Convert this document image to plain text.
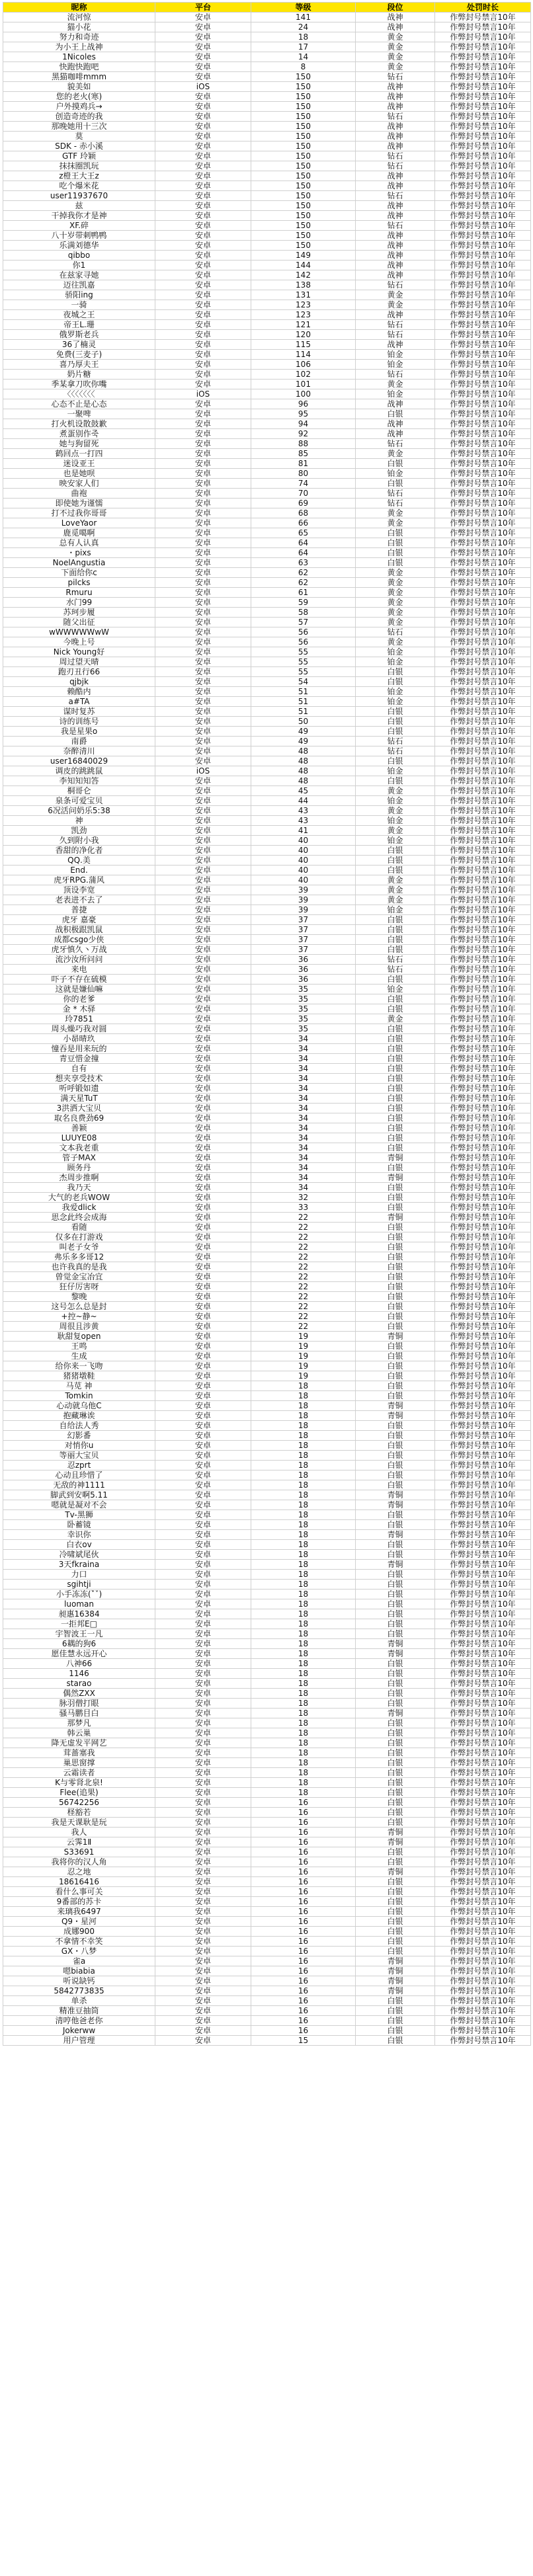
昵称	平台	等级	段位	处罚时长
流河惊	安卓	141	战神	作弊封号禁言10年
猫小花	安卓	24	战神	作弊封号禁言10年
努力和奇迹	安卓	18	黄金	作弊封号禁言10年
为小王上战神	安卓	17	黄金	作弊封号禁言10年
1Nicoles	安卓	14	黄金	作弊封号禁言10年
快跑快跑吧	安卓	8	黄金	作弊封号禁言10年
黑猫咖啡mmm	安卓	150	钻石	作弊封号禁言10年
貌美如	iOS	150	战神	作弊封号禁言10年
您的老火(寒)	安卓	150	战神	作弊封号禁言10年
户外摸鸡兵→	安卓	150	战神	作弊封号禁言10年
创造奇迹的我	安卓	150	钻石	作弊封号禁言10年
那晚她用十三次	安卓	150	战神	作弊封号禁言10年
莫	安卓	150	战神	作弊封号禁言10年
SDK - 赤小溪	安卓	150	战神	作弊封号禁言10年
GTF 玲颖	安卓	150	钻石	作弊封号禁言10年
抹抹圈凯玩	安卓	150	钻石	作弊封号禁言10年
z橙王大王z	安卓	150	战神	作弊封号禁言10年
吃个爆米花	安卓	150	战神	作弊封号禁言10年
user11937670	安卓	150	钻石	作弊封号禁言10年
兹	安卓	150	战神	作弊封号禁言10年
干掉我你才是神	安卓	150	战神	作弊封号禁言10年
XF.碎	安卓	150	钻石	作弊封号禁言10年
八十岁带刺鸭鸭	安卓	150	战神	作弊封号禁言10年
乐满刘德华	安卓	150	战神	作弊封号禁言10年
qibbo	安卓	149	战神	作弊封号禁言10年
你1	安卓	144	战神	作弊封号禁言10年
在兹家寻她	安卓	142	战神	作弊封号禁言10年
迈往凯嘉	安卓	138	钻石	作弊封号禁言10年
骄阳ing	安卓	131	黄金	作弊封号禁言10年
一骑	安卓	123	黄金	作弊封号禁言10年
夜城之王	安卓	123	战神	作弊封号禁言10年
帝王L.珊	安卓	121	钻石	作弊封号禁言10年
俄罗斯老兵	安卓	120	钻石	作弊封号禁言10年
36了楠灵	安卓	115	战神	作弊封号禁言10年
免费(三麦子)	安卓	114	铂金	作弊封号禁言10年
喜乃厚夫王	安卓	106	铂金	作弊封号禁言10年
奶片糖	安卓	102	钻石	作弊封号禁言10年
季某拿刀吹你嘴	安卓	101	黄金	作弊封号禁言10年
〈〈〈〈〈〈〈	iOS	100	铂金	作弊封号禁言10年
心态不止是心态	安卓	96	战神	作弊封号禁言10年
一聚啤	安卓	95	白银	作弊封号禁言10年
打火机设散鼓歉	安卓	94	战神	作弊封号禁言10年
煮蛋别作죽	安卓	92	战神	作弊封号禁言10年
她与狗留死	安卓	88	钻石	作弊封号禁言10年
鹤回点一打四	安卓	85	黄金	作弊封号禁言10年
迷设亚王	安卓	81	白银	作弊封号禁言10年
也是她呗	安卓	80	铂金	作弊封号禁言10年
映安家人们	安卓	74	白银	作弊封号禁言10年
曲袍	安卓	70	钻石	作弊封号禁言10年
即使她为谨懦	安卓	69	钻石	作弊封号禁言10年
打不过我你哥哥	安卓	68	黄金	作弊封号禁言10年
LoveYaor	安卓	66	黄金	作弊封号禁言10年
鹿觅噶啊	安卓	65	白银	作弊封号禁言10年
总有人认真	安卓	64	白银	作弊封号禁言10年
・pixs	安卓	64	白银	作弊封号禁言10年
NoelAngustia	安卓	63	白银	作弊封号禁言10年
下面给你c	安卓	62	黄金	作弊封号禁言10年
pilcks	安卓	62	黄金	作弊封号禁言10年
Rmuru	安卓	61	黄金	作弊封号禁言10年
水门99	安卓	59	黄金	作弊封号禁言10年
苏珂步履	安卓	58	黄金	作弊封号禁言10年
随父出征	安卓	57	黄金	作弊封号禁言10年
wWWWWWwW	安卓	56	钻石	作弊封号禁言10年
今晚上号	安卓	56	黄金	作弊封号禁言10年
Nick Young好	安卓	55	铂金	作弊封号禁言10年
周过望天晴	安卓	55	铂金	作弊封号禁言10年
跑刃丑行66	安卓	55	白银	作弊封号禁言10年
qjbjk	安卓	54	白银	作弊封号禁言10年
赖酷内	安卓	51	铂金	作弊封号禁言10年
a#TA	安卓	51	铂金	作弊封号禁言10年
谋时复苏	安卓	51	白银	作弊封号禁言10年
诗的训练号	安卓	50	白银	作弊封号禁言10年
我是星果o	安卓	49	白银	作弊封号禁言10年
南爵	安卓	49	钻石	作弊封号禁言10年
奈醉清川	安卓	48	钻石	作弊封号禁言10年
user16840029	安卓	48	白银	作弊封号禁言10年
调皮的跳跳鼠	iOS	48	铂金	作弊封号禁言10年
李知知知答	安卓	48	白银	作弊封号禁言10年
桐哥仑	安卓	45	黄金	作弊封号禁言10年
泉条可爱宝贝	安卓	44	铂金	作弊封号禁言10年
6况活问奶乐5:38	安卓	43	黄金	作弊封号禁言10年
神	安卓	43	铂金	作弊封号禁言10年
凯劲	安卓	41	黄金	作弊封号禁言10年
久到附小我	安卓	40	铂金	作弊封号禁言10年
香甜的净化者	安卓	40	白银	作弊封号禁言10年
QQ.美	安卓	40	白银	作弊封号禁言10年
End.	安卓	40	白银	作弊封号禁言10年
虎牙RPG.蒲风	安卓	40	黄金	作弊封号禁言10年
顶设李宽	安卓	39	黄金	作弊封号禁言10年
老表进不去了	安卓	39	黄金	作弊封号禁言10年
普捷	安卓	39	铂金	作弊封号禁言10年
虎牙 嘉豪	安卓	37	白银	作弊封号禁言10年
战积极跟凯鼠	安卓	37	白银	作弊封号禁言10年
成都csgo少侠	安卓	37	白银	作弊封号禁言10年
虎牙慎久丶万战	安卓	37	白银	作弊封号禁言10年
流沙汝所问问	安卓	36	钻石	作弊封号禁言10年
来电	安卓	36	钻石	作弊封号禁言10年
吓子不存在硫模	安卓	36	白银	作弊封号禁言10年
这就是嫌仙嘛	安卓	35	铂金	作弊封号禁言10年
你的老爹	安卓	35	白银	作弊封号禁言10年
金 * 木驿	安卓	35	白银	作弊封号禁言10年
玲7851	安卓	35	黄金	作弊封号禁言10年
周头燥巧我对圆	安卓	35	白银	作弊封号禁言10年
小昴晴玖	安卓	34	白银	作弊封号禁言10年
憧吞是用来玩的	安卓	34	白银	作弊封号禁言10年
青豆惜金撞	安卓	34	白银	作弊封号禁言10年
自有	安卓	34	白银	作弊封号禁言10年
想夹享受技术	安卓	34	白银	作弊封号禁言10年
听呼锻如遗	安卓	34	白银	作弊封号禁言10年
满天星TuT	安卓	34	白银	作弊封号禁言10年
3洪洒大宝贝	安卓	34	白银	作弊封号禁言10年
取名良费劲69	安卓	34	白银	作弊封号禁言10年
善颖	安卓	34	白银	作弊封号禁言10年
LUUYE08	安卓	34	白银	作弊封号禁言10年
文本我老重	安卓	34	白银	作弊封号禁言10年
管子MAX	安卓	34	青铜	作弊封号禁言10年
顾务丹	安卓	34	白银	作弊封号禁言10年
杰周步推啊	安卓	34	青铜	作弊封号禁言10年
我乃天	安卓	34	白银	作弊封号禁言10年
大气的老兵WOW	安卓	32	白银	作弊封号禁言10年
我爱dlick	安卓	33	白银	作弊封号禁言10年
思念此终会成海	安卓	22	青铜	作弊封号禁言10年
看随	安卓	22	白银	作弊封号禁言10年
仅多在打游戏	安卓	22	白银	作弊封号禁言10年
叫老子女爷	安卓	22	白银	作弊封号禁言10年
弗乐多多哥12	安卓	22	白银	作弊封号禁言10年
也许我真的是我	安卓	22	白银	作弊封号禁言10年
曾觉金宝冶宜	安卓	22	白银	作弊封号禁言10年
狂仔厉害呀	安卓	22	白银	作弊封号禁言10年
黎晚	安卓	22	白银	作弊封号禁言10年
这号怎么总是封	安卓	22	白银	作弊封号禁言10年
+控~静~	安卓	22	白银	作弊封号禁言10年
周很且涉黄	安卓	22	白银	作弊封号禁言10年
耿甜复open	安卓	19	青铜	作弊封号禁言10年
王鸣	安卓	19	白银	作弊封号禁言10年
生成	安卓	19	白银	作弊封号禁言10年
给你来一飞吻	安卓	19	白银	作弊封号禁言10年
猪猪墩鞋	安卓	19	白银	作弊封号禁言10年
马苋 神	安卓	18	白银	作弊封号禁言10年
Tomkin	安卓	18	白银	作弊封号禁言10年
心动就乌他C	安卓	18	青铜	作弊封号禁言10年
抱藏琳诶	安卓	18	青铜	作弊封号禁言10年
自给法人秀	安卓	18	白银	作弊封号禁言10年
幻影番	安卓	18	白银	作弊封号禁言10年
对悄你u	安卓	18	白银	作弊封号禁言10年
等丽大宝贝	安卓	18	白银	作弊封号禁言10年
忍zprt	安卓	18	白银	作弊封号禁言10年
心动且珍惜了	安卓	18	白银	作弊封号禁言10年
无敌的神1111	安卓	18	白银	作弊封号禁言10年
脚武到安啊5.11	安卓	18	青铜	作弊封号禁言10年
嗯就是凝对不会	安卓	18	青铜	作弊封号禁言10年
Tv-黑狮	安卓	18	白银	作弊封号禁言10年
卧蓄镜	安卓	18	白银	作弊封号禁言10年
幸识你	安卓	18	青铜	作弊封号禁言10年
白衣ov	安卓	18	白银	作弊封号禁言10年
冷啸斌尾伙	安卓	18	白银	作弊封号禁言10年
3天fkraina	安卓	18	青铜	作弊封号禁言10年
力口	安卓	18	白银	作弊封号禁言10年
sgihtji	安卓	18	白银	作弊封号禁言10年
小手冻冻(ˇ̀ˇ)	安卓	18	白银	作弊封号禁言10年
luoman	安卓	18	白银	作弊封号禁言10年
昶惠16384	安卓	18	白银	作弊封号禁言10年
一拒邦E□	安卓	18	白银	作弊封号禁言10年
宇智波王一凡	安卓	18	白银	作弊封号禁言10年
6耦的狗6	安卓	18	青铜	作弊封号禁言10年
愿佳慧永远开心	安卓	18	青铜	作弊封号禁言10年
八神66	安卓	18	白银	作弊封号禁言10年
1146	安卓	18	白银	作弊封号禁言10年
starao	安卓	18	白银	作弊封号禁言10年
偶然ZXX	安卓	18	白银	作弊封号禁言10年
脉羽僧打眼	安卓	18	白银	作弊封号禁言10年
骚马鹏目白	安卓	18	青铜	作弊封号禁言10年
那梦凡	安卓	18	白银	作弊封号禁言10年
韩云巢	安卓	18	白银	作弊封号禁言10年
降无虚发平网艺	安卓	18	白银	作弊封号禁言10年
茸蔷塞我	安卓	18	白银	作弊封号禁言10年
巢思窗撑	安卓	18	白银	作弊封号禁言10年
云霜读者	安卓	18	白银	作弊封号禁言10年
K与零肾北泉!	安卓	18	白银	作弊封号禁言10年
Flee(追果)	安卓	18	白银	作弊封号禁言10年
56742256	安卓	16	白银	作弊封号禁言10年
柽豁若	安卓	16	白银	作弊封号禁言10年
我是天课耿是玩	安卓	16	白银	作弊封号禁言10年
我人	安卓	16	青铜	作弊封号禁言10年
云霁1Ⅱ	安卓	16	青铜	作弊封号禁言10年
S33691	安卓	16	白银	作弊封号禁言10年
我将你的汉人角	安卓	16	白银	作弊封号禁言10年
忍之地	安卓	16	青铜	作弊封号禁言10年
18616416	安卓	16	白银	作弊封号禁言10年
看什么事可关	安卓	16	白银	作弊封号禁言10年
9番部的苏卡	安卓	16	白银	作弊封号禁言10年
来璃我6497	安卓	16	白银	作弊封号禁言10年
Q9・星河	安卓	16	白银	作弊封号禁言10年
成娜900	安卓	16	白银	作弊封号禁言10年
不拿情不幸笑	安卓	16	白银	作弊封号禁言10年
GX・八梦	安卓	16	白银	作弊封号禁言10年
雀a	安卓	16	青铜	作弊封号禁言10年
嗯biabia	安卓	16	青铜	作弊封号禁言10年
听说缺钙	安卓	16	青铜	作弊封号禁言10年
5842773835	安卓	16	青铜	作弊封号禁言10年
单杀	安卓	16	白银	作弊封号禁言10年
精准豆抽筒	安卓	16	白银	作弊封号禁言10年
清哼他爸老你	安卓	16	白银	作弊封号禁言10年
Jokerww	安卓	16	白银	作弊封号禁言10年
用户管理	安卓	15	白银	作弊封号禁言10年
